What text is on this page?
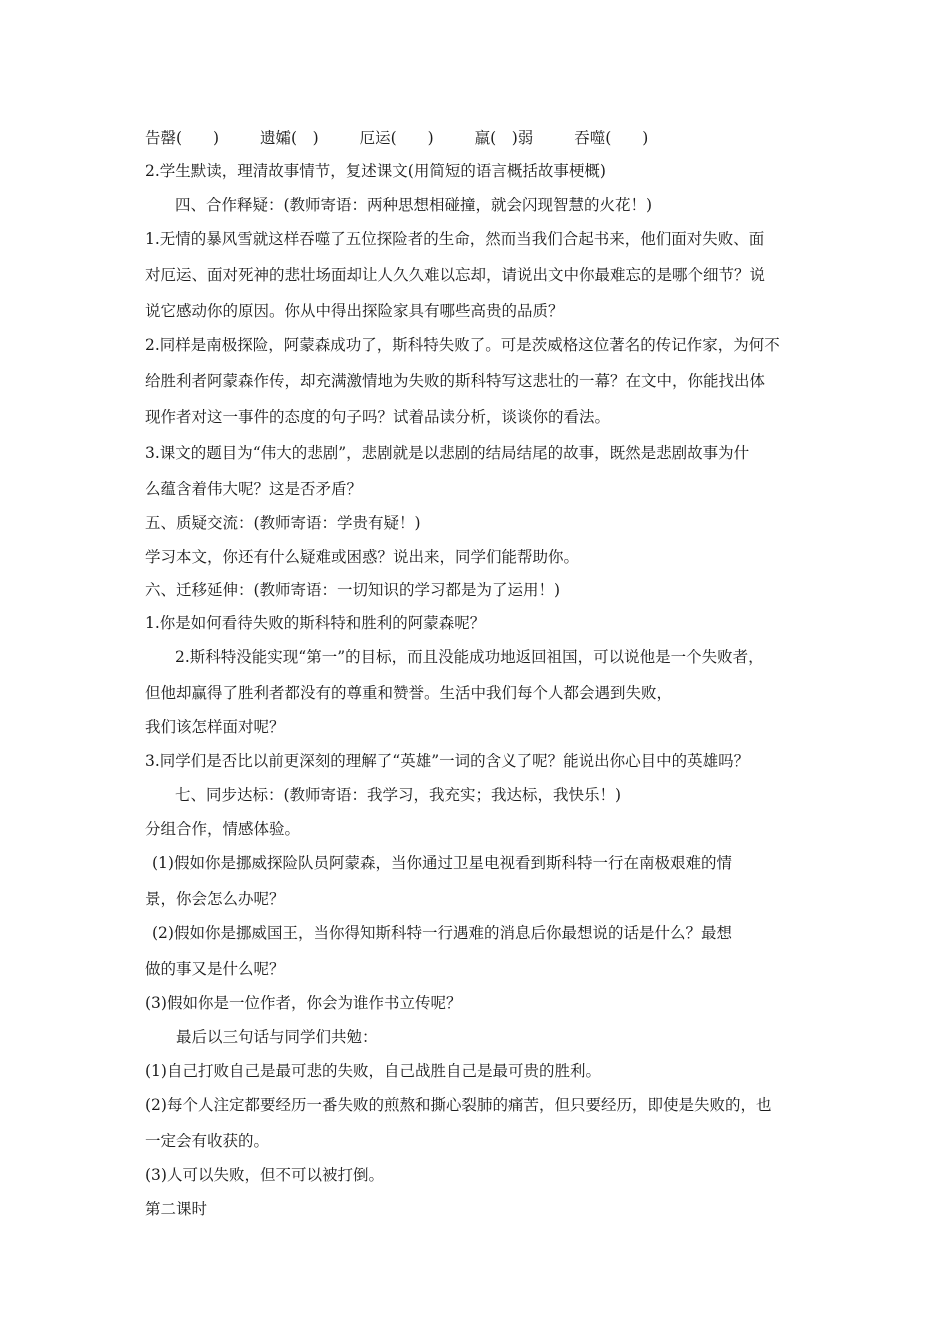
告罄(　　)	遗孀(　)	厄运(　　)	羸(　)弱	吞噬(　　)
2.学生默读，理清故事情节，复述课文(用简短的语言概括故事梗概)
四、合作释疑：(教师寄语：两种思想相碰撞，就会闪现智慧的火花！)
1.无情的暴风雪就这样吞噬了五位探险者的生命，然而当我们合起书来，他们面对失败、面
对厄运、面对死神的悲壮场面却让人久久难以忘却，请说出文中你最难忘的是哪个细节？说
说它感动你的原因。你从中得出探险家具有哪些高贵的品质？
2.同样是南极探险，阿蒙森成功了，斯科特失败了。可是茨威格这位著名的传记作家，为何不
给胜利者阿蒙森作传，却充满激情地为失败的斯科特写这悲壮的一幕？在文中，你能找出体
现作者对这一事件的态度的句子吗？试着品读分析，谈谈你的看法。
3.课文的题目为“伟大的悲剧”，悲剧就是以悲剧的结局结尾的故事，既然是悲剧故事为什
么蕴含着伟大呢？这是否矛盾？
五、质疑交流：(教师寄语：学贵有疑！)
学习本文，你还有什么疑难或困惑？说出来，同学们能帮助你。
六、迁移延伸：(教师寄语：一切知识的学习都是为了运用！)
1.你是如何看待失败的斯科特和胜利的阿蒙森呢？
2.斯科特没能实现“第一”的目标，而且没能成功地返回祖国，可以说他是一个失败者，
但他却赢得了胜利者都没有的尊重和赞誉。生活中我们每个人都会遇到失败，
我们该怎样面对呢？
3.同学们是否比以前更深刻的理解了“英雄”一词的含义了呢？能说出你心目中的英雄吗？
七、同步达标：(教师寄语：我学习，我充实；我达标，我快乐！)
分组合作，情感体验。
(1)假如你是挪威探险队员阿蒙森，当你通过卫星电视看到斯科特一行在南极艰难的情
景，你会怎么办呢？
(2)假如你是挪威国王，当你得知斯科特一行遇难的消息后你最想说的话是什么？最想
做的事又是什么呢？
(3)假如你是一位作者，你会为谁作书立传呢？
最后以三句话与同学们共勉：
(1)自己打败自己是最可悲的失败，自己战胜自己是最可贵的胜利。
(2)每个人注定都要经历一番失败的煎熬和撕心裂肺的痛苦，但只要经历，即使是失败的，也
一定会有收获的。
(3)人可以失败，但不可以被打倒。
第二课时
